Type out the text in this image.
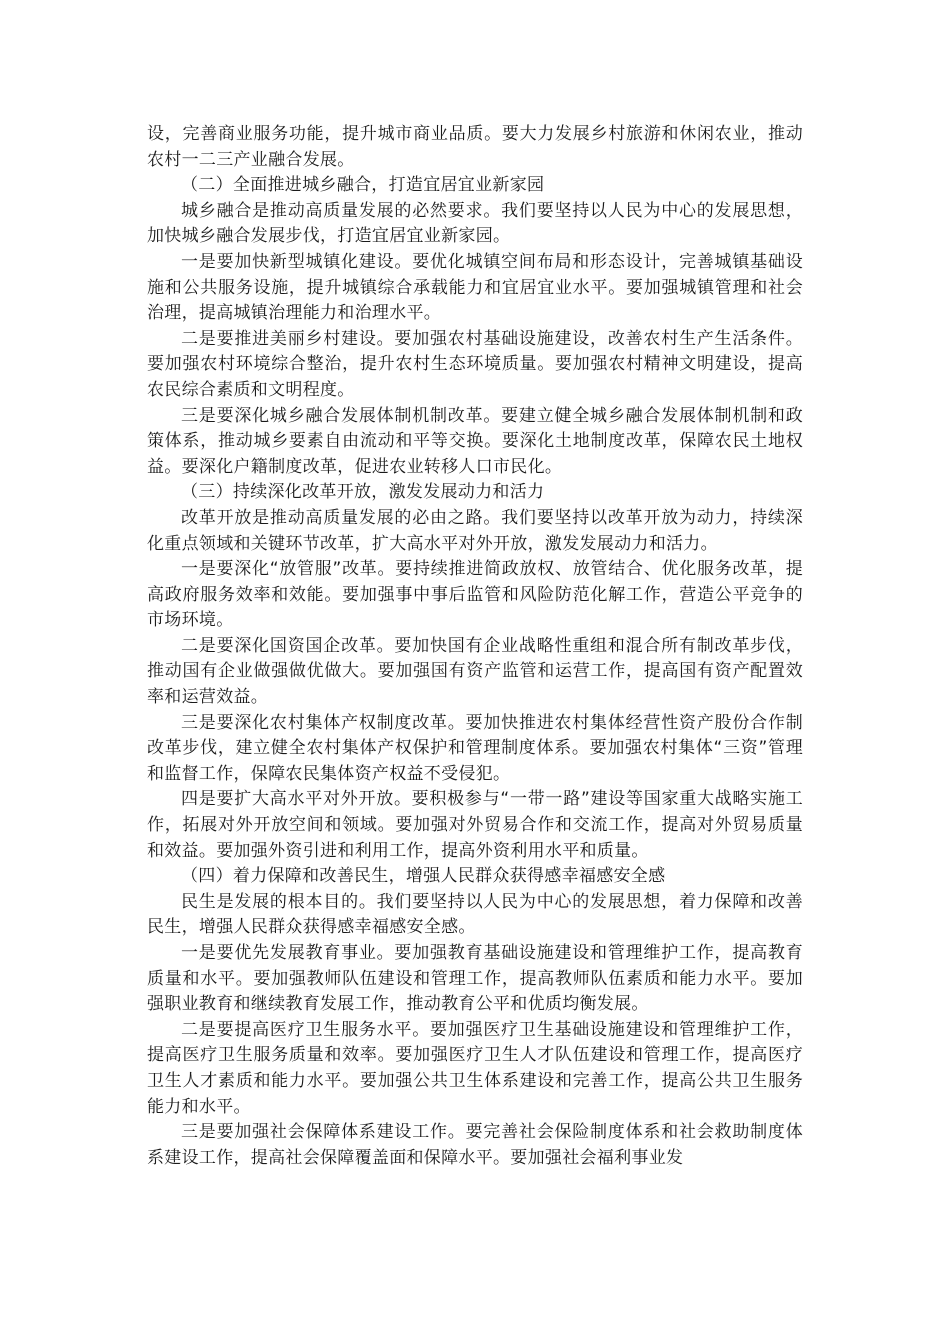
设，完善商业服务功能，提升城市商业品质。要大力发展乡村旅游和休闲农业，推动农村一二三产业融合发展。

（二）全面推进城乡融合，打造宜居宜业新家园

城乡融合是推动高质量发展的必然要求。我们要坚持以人民为中心的发展思想，加快城乡融合发展步伐，打造宜居宜业新家园。

一是要加快新型城镇化建设。要优化城镇空间布局和形态设计，完善城镇基础设施和公共服务设施，提升城镇综合承载能力和宜居宜业水平。要加强城镇管理和社会治理，提高城镇治理能力和治理水平。

二是要推进美丽乡村建设。要加强农村基础设施建设，改善农村生产生活条件。要加强农村环境综合整治，提升农村生态环境质量。要加强农村精神文明建设，提高农民综合素质和文明程度。

三是要深化城乡融合发展体制机制改革。要建立健全城乡融合发展体制机制和政策体系，推动城乡要素自由流动和平等交换。要深化土地制度改革，保障农民土地权益。要深化户籍制度改革，促进农业转移人口市民化。

（三）持续深化改革开放，激发发展动力和活力

改革开放是推动高质量发展的必由之路。我们要坚持以改革开放为动力，持续深化重点领域和关键环节改革，扩大高水平对外开放，激发发展动力和活力。

一是要深化“放管服”改革。要持续推进简政放权、放管结合、优化服务改革，提高政府服务效率和效能。要加强事中事后监管和风险防范化解工作，营造公平竞争的市场环境。

二是要深化国资国企改革。要加快国有企业战略性重组和混合所有制改革步伐，推动国有企业做强做优做大。要加强国有资产监管和运营工作，提高国有资产配置效率和运营效益。

三是要深化农村集体产权制度改革。要加快推进农村集体经营性资产股份合作制改革步伐，建立健全农村集体产权保护和管理制度体系。要加强农村集体“三资”管理和监督工作，保障农民集体资产权益不受侵犯。

四是要扩大高水平对外开放。要积极参与“一带一路”建设等国家重大战略实施工作，拓展对外开放空间和领域。要加强对外贸易合作和交流工作，提高对外贸易质量和效益。要加强外资引进和利用工作，提高外资利用水平和质量。

（四）着力保障和改善民生，增强人民群众获得感幸福感安全感

民生是发展的根本目的。我们要坚持以人民为中心的发展思想，着力保障和改善民生，增强人民群众获得感幸福感安全感。

一是要优先发展教育事业。要加强教育基础设施建设和管理维护工作，提高教育质量和水平。要加强教师队伍建设和管理工作，提高教师队伍素质和能力水平。要加强职业教育和继续教育发展工作，推动教育公平和优质均衡发展。

二是要提高医疗卫生服务水平。要加强医疗卫生基础设施建设和管理维护工作，提高医疗卫生服务质量和效率。要加强医疗卫生人才队伍建设和管理工作，提高医疗卫生人才素质和能力水平。要加强公共卫生体系建设和完善工作，提高公共卫生服务能力和水平。

三是要加强社会保障体系建设工作。要完善社会保险制度体系和社会救助制度体系建设工作，提高社会保障覆盖面和保障水平。要加强社会福利事业发
